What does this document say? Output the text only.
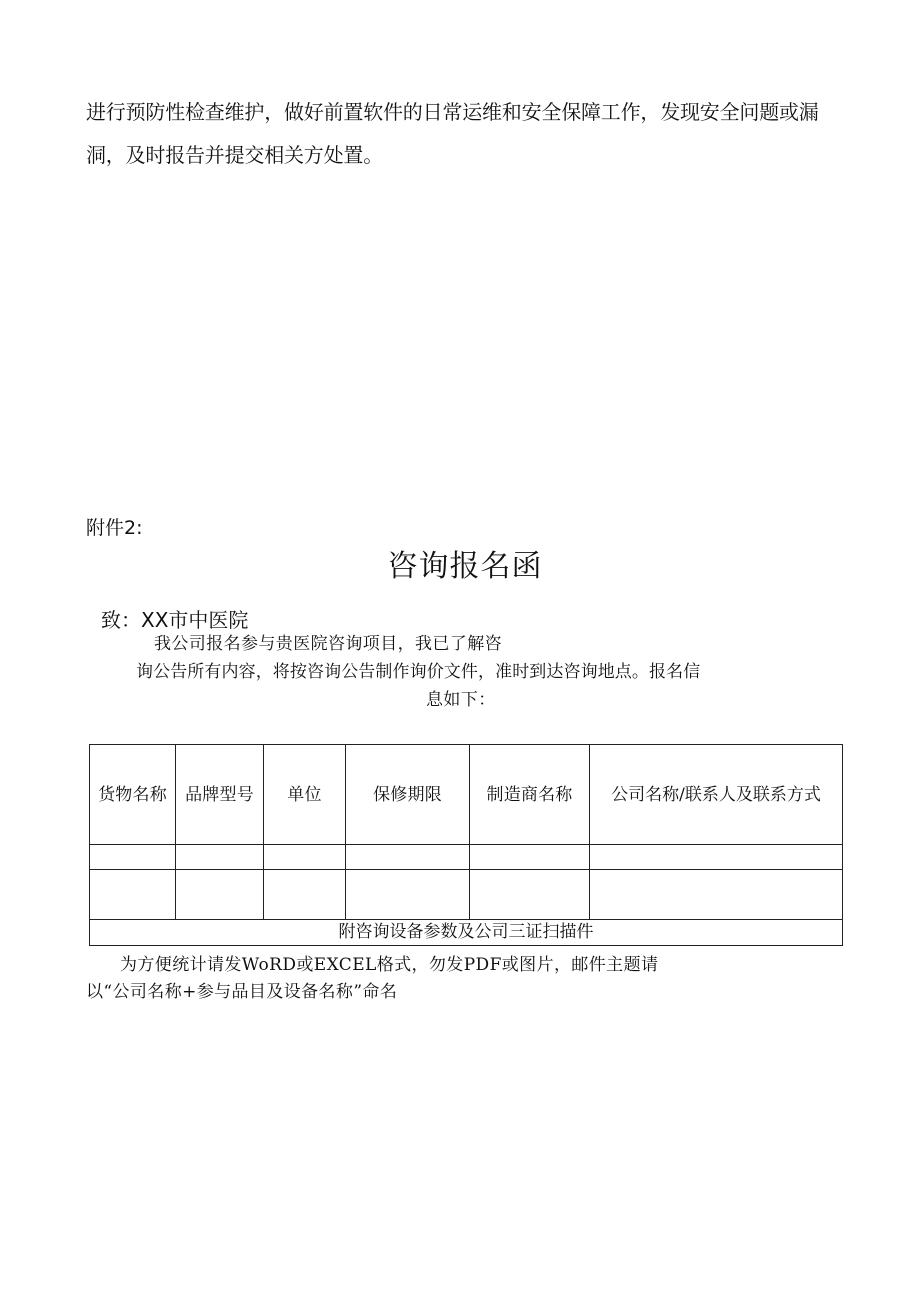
进行预防性检查维护，做好前置软件的日常运维和安全保障工作，发现安全问题或漏
洞，及时报告并提交相关方处置。
附件2:
咨询报名函
致：XX市中医院
我公司报名参与贵医院咨询项目，我已了解咨
询公告所有内容，将按咨询公告制作询价文件，准时到达咨询地点。报名信
息如下：
货物名称	品牌型号	单位	保修期限	制造商名称	公司名称/联系人及联系方式

附咨询设备参数及公司三证扫描件					
为方便统计请发WoRD或EXCEL格式，勿发PDF或图片，邮件主题请
以“公司名称+参与品目及设备名称”命名
